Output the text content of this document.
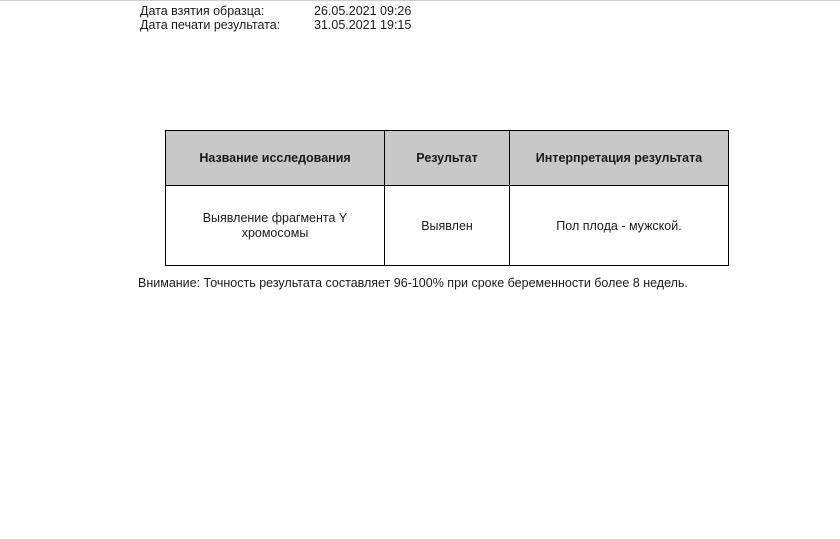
'
Дата взятия образца:	26.05.2021 09:26
Дата печати результата:	31.05.2021 19:15
Название исследования	Результат	Интерпретация результата
Выявление фрагмента Y
хромосомы	Выявлен	Пол плода - мужской.
Внимание: Точность результата составляет 96-100% при сроке беременности более 8 недель.
